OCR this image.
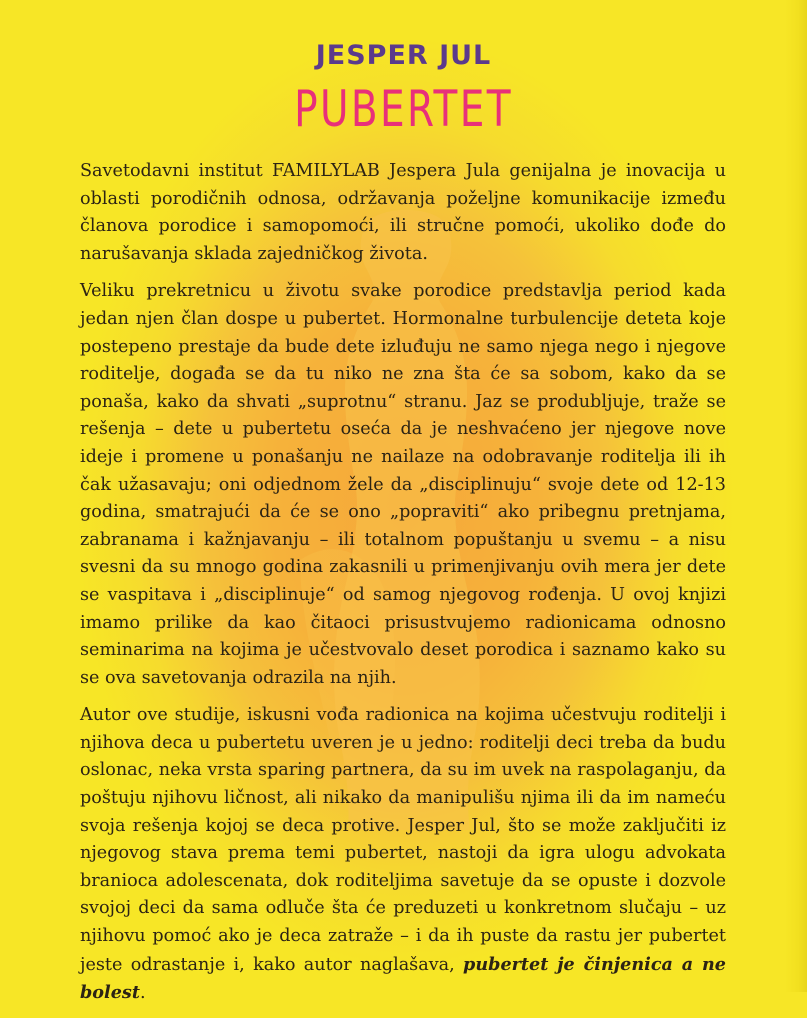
JESPER JUL
PUBERTET

Savetodavni institut FAMILYLAB Jespera Jula genijalna je inovacija u oblasti porodičnih odnosa, održavanja poželjne komunikacije između članova porodice i samopomoći, ili stručne pomoći, ukoliko dođe do narušavanja sklada zajedničkog života.

Veliku prekretnicu u životu svake porodice predstavlja period kada jedan njen član dospe u pubertet. Hormonalne turbulencije deteta koje postepeno prestaje da bude dete izluđuju ne samo njega nego i njegove roditelje, događa se da tu niko ne zna šta će sa sobom, kako da se ponaša, kako da shvati „suprotnu“ stranu. Jaz se produbljuje, traže se rešenja – dete u pubertetu oseća da je neshvaćeno jer njegove nove ideje i promene u ponašanju ne nailaze na odobravanje roditelja ili ih čak užasavaju; oni odjednom žele da „disciplinuju“ svoje dete od 12-13 godina, smatrajući da će se ono „popraviti“ ako pribegnu pretnjama, zabranama i kažnjavanju – ili totalnom popuštanju u svemu – a nisu svesni da su mnogo godina zakasnili u primenjivanju ovih mera jer dete se vaspitava i „disciplinuje“ od samog njegovog rođenja. U ovoj knjizi imamo prilike da kao čitaoci prisustvujemo radionicama odnosno seminarima na kojima je učestvovalo deset porodica i saznamo kako su se ova savetovanja odrazila na njih.

Autor ove studije, iskusni vođa radionica na kojima učestvuju roditelji i njihova deca u pubertetu uveren je u jedno: roditelji deci treba da budu oslonac, neka vrsta sparing partnera, da su im uvek na raspolaganju, da poštuju njihovu ličnost, ali nikako da manipulišu njima ili da im nameću svoja rešenja kojoj se deca protive. Jesper Jul, što se može zaključiti iz njegovog stava prema temi pubertet, nastoji da igra ulogu advokata branioca adolescenata, dok roditeljima savetuje da se opuste i dozvole svojoj deci da sama odluče šta će preduzeti u konkretnom slučaju – uz njihovu pomoć ako je deca zatraže – i da ih puste da rastu jer pubertet jeste odrastanje i, kako autor naglašava, pubertet je činjenica a ne bolest.
